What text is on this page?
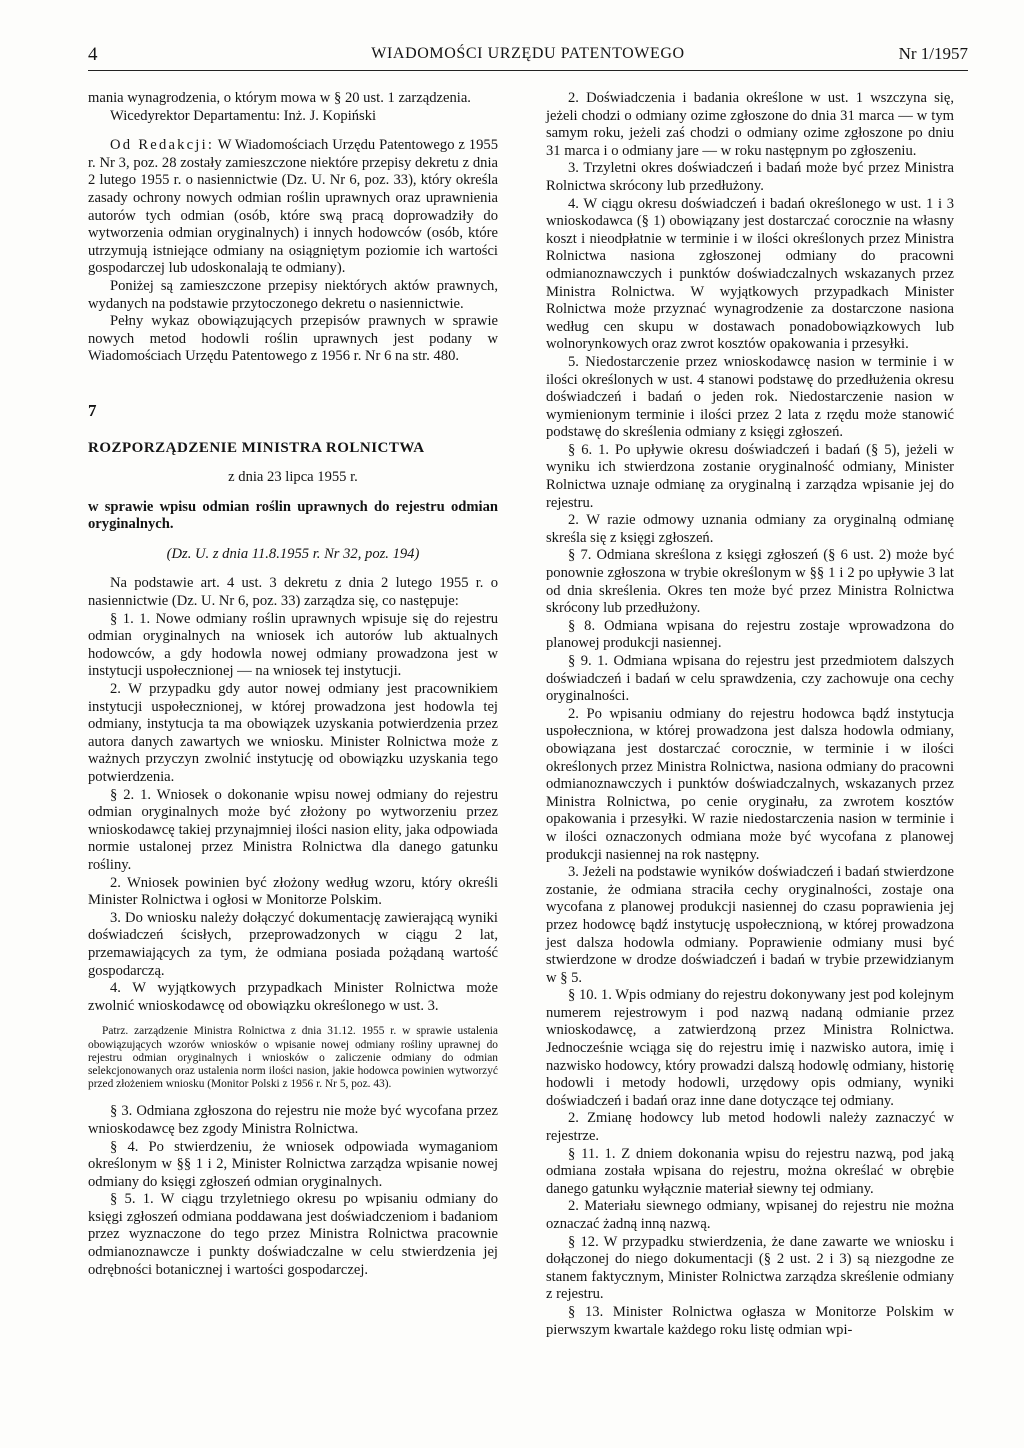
4	WIADOMOŚCI URZĘDU PATENTOWEGO	Nr 1/1957

mania wynagrodzenia, o którym mowa w § 20 ust. 1 zarządzenia.

Wicedyrektor Departamentu: Inż. J. Kopiński

Od Redakcji: W Wiadomościach Urzędu Patentowego z 1955 r. Nr 3, poz. 28 zostały zamieszczone niektóre przepisy dekretu z dnia 2 lutego 1955 r. o nasiennictwie (Dz. U. Nr 6, poz. 33), który określa zasady ochrony nowych odmian roślin uprawnych oraz uprawnienia autorów tych odmian (osób, które swą pracą doprowadziły do wytworzenia odmian oryginalnych) i innych hodowców (osób, które utrzymują istniejące odmiany na osiągniętym poziomie ich wartości gospodarczej lub udoskonalają te odmiany).

Poniżej są zamieszczone przepisy niektórych aktów prawnych, wydanych na podstawie przytoczonego dekretu o nasiennictwie.

Pełny wykaz obowiązujących przepisów prawnych w sprawie nowych metod hodowli roślin uprawnych jest podany w Wiadomościach Urzędu Patentowego z 1956 r. Nr 6 na str. 480.

7

ROZPORZĄDZENIE MINISTRA ROLNICTWA

z dnia 23 lipca 1955 r.

w sprawie wpisu odmian roślin uprawnych do rejestru odmian oryginalnych.

(Dz. U. z dnia 11.8.1955 r. Nr 32, poz. 194)

Na podstawie art. 4 ust. 3 dekretu z dnia 2 lutego 1955 r. o nasiennictwie (Dz. U. Nr 6, poz. 33) zarządza się, co następuje:

§ 1. 1. Nowe odmiany roślin uprawnych wpisuje się do rejestru odmian oryginalnych na wniosek ich autorów lub aktualnych hodowców, a gdy hodowla nowej odmiany prowadzona jest w instytucji uspołecznionej — na wniosek tej instytucji.

2. W przypadku gdy autor nowej odmiany jest pracownikiem instytucji uspołecznionej, w której prowadzona jest hodowla tej odmiany, instytucja ta ma obowiązek uzyskania potwierdzenia przez autora danych zawartych we wniosku. Minister Rolnictwa może z ważnych przyczyn zwolnić instytucję od obowiązku uzyskania tego potwierdzenia.

§ 2. 1. Wniosek o dokonanie wpisu nowej odmiany do rejestru odmian oryginalnych może być złożony po wytworzeniu przez wnioskodawcę takiej przynajmniej ilości nasion elity, jaka odpowiada normie ustalonej przez Ministra Rolnictwa dla danego gatunku rośliny.

2. Wniosek powinien być złożony według wzoru, który określi Minister Rolnictwa i ogłosi w Monitorze Polskim.

3. Do wniosku należy dołączyć dokumentację zawierającą wyniki doświadczeń ścisłych, przeprowadzonych w ciągu 2 lat, przemawiających za tym, że odmiana posiada pożądaną wartość gospodarczą.

4. W wyjątkowych przypadkach Minister Rolnictwa może zwolnić wnioskodawcę od obowiązku określonego w ust. 3.

Patrz. zarządzenie Ministra Rolnictwa z dnia 31.12. 1955 r. w sprawie ustalenia obowiązujących wzorów wniosków o wpisanie nowej odmiany rośliny uprawnej do rejestru odmian oryginalnych i wniosków o zaliczenie odmiany do odmian selekcjonowanych oraz ustalenia norm ilości nasion, jakie hodowca powinien wytworzyć przed złożeniem wniosku (Monitor Polski z 1956 r. Nr 5, poz. 43).

§ 3. Odmiana zgłoszona do rejestru nie może być wycofana przez wnioskodawcę bez zgody Ministra Rolnictwa.

§ 4. Po stwierdzeniu, że wniosek odpowiada wymaganiom określonym w §§ 1 i 2, Minister Rolnictwa zarządza wpisanie nowej odmiany do księgi zgłoszeń odmian oryginalnych.

§ 5. 1. W ciągu trzyletniego okresu po wpisaniu odmiany do księgi zgłoszeń odmiana poddawana jest doświadczeniom i badaniom przez wyznaczone do tego przez Ministra Rolnictwa pracownie odmianoznawcze i punkty doświadczalne w celu stwierdzenia jej odrębności botanicznej i wartości gospodarczej.

2. Doświadczenia i badania określone w ust. 1 wszczyna się, jeżeli chodzi o odmiany ozime zgłoszone do dnia 31 marca — w tym samym roku, jeżeli zaś chodzi o odmiany ozime zgłoszone po dniu 31 marca i o odmiany jare — w roku następnym po zgłoszeniu.

3. Trzyletni okres doświadczeń i badań może być przez Ministra Rolnictwa skrócony lub przedłużony.

4. W ciągu okresu doświadczeń i badań określonego w ust. 1 i 3 wnioskodawca (§ 1) obowiązany jest dostarczać corocznie na własny koszt i nieodpłatnie w terminie i w ilości określonych przez Ministra Rolnictwa nasiona zgłoszonej odmiany do pracowni odmianoznawczych i punktów doświadczalnych wskazanych przez Ministra Rolnictwa. W wyjątkowych przypadkach Minister Rolnictwa może przyznać wynagrodzenie za dostarczone nasiona według cen skupu w dostawach ponadobowiązkowych lub wolnorynkowych oraz zwrot kosztów opakowania i przesyłki.

5. Niedostarczenie przez wnioskodawcę nasion w terminie i w ilości określonych w ust. 4 stanowi podstawę do przedłużenia okresu doświadczeń i badań o jeden rok. Niedostarczenie nasion w wymienionym terminie i ilości przez 2 lata z rzędu może stanowić podstawę do skreślenia odmiany z księgi zgłoszeń.

§ 6. 1. Po upływie okresu doświadczeń i badań (§ 5), jeżeli w wyniku ich stwierdzona zostanie oryginalność odmiany, Minister Rolnictwa uznaje odmianę za oryginalną i zarządza wpisanie jej do rejestru.

2. W razie odmowy uznania odmiany za oryginalną odmianę skreśla się z księgi zgłoszeń.

§ 7. Odmiana skreślona z księgi zgłoszeń (§ 6 ust. 2) może być ponownie zgłoszona w trybie określonym w §§ 1 i 2 po upływie 3 lat od dnia skreślenia. Okres ten może być przez Ministra Rolnictwa skrócony lub przedłużony.

§ 8. Odmiana wpisana do rejestru zostaje wprowadzona do planowej produkcji nasiennej.

§ 9. 1. Odmiana wpisana do rejestru jest przedmiotem dalszych doświadczeń i badań w celu sprawdzenia, czy zachowuje ona cechy oryginalności.

2. Po wpisaniu odmiany do rejestru hodowca bądź instytucja uspołeczniona, w której prowadzona jest dalsza hodowla odmiany, obowiązana jest dostarczać corocznie, w terminie i w ilości określonych przez Ministra Rolnictwa, nasiona odmiany do pracowni odmianoznawczych i punktów doświadczalnych, wskazanych przez Ministra Rolnictwa, po cenie oryginału, za zwrotem kosztów opakowania i przesyłki. W razie niedostarczenia nasion w terminie i w ilości oznaczonych odmiana może być wycofana z planowej produkcji nasiennej na rok następny.

3. Jeżeli na podstawie wyników doświadczeń i badań stwierdzone zostanie, że odmiana straciła cechy oryginalności, zostaje ona wycofana z planowej produkcji nasiennej do czasu poprawienia jej przez hodowcę bądź instytucję uspołecznioną, w której prowadzona jest dalsza hodowla odmiany. Poprawienie odmiany musi być stwierdzone w drodze doświadczeń i badań w trybie przewidzianym w § 5.

§ 10. 1. Wpis odmiany do rejestru dokonywany jest pod kolejnym numerem rejestrowym i pod nazwą nadaną odmianie przez wnioskodawcę, a zatwierdzoną przez Ministra Rolnictwa. Jednocześnie wciąga się do rejestru imię i nazwisko autora, imię i nazwisko hodowcy, który prowadzi dalszą hodowlę odmiany, historię hodowli i metody hodowli, urzędowy opis odmiany, wyniki doświadczeń i badań oraz inne dane dotyczące tej odmiany.

2. Zmianę hodowcy lub metod hodowli należy zaznaczyć w rejestrze.

§ 11. 1. Z dniem dokonania wpisu do rejestru nazwą, pod jaką odmiana została wpisana do rejestru, można określać w obrębie danego gatunku wyłącznie materiał siewny tej odmiany.

2. Materiału siewnego odmiany, wpisanej do rejestru nie można oznaczać żadną inną nazwą.

§ 12. W przypadku stwierdzenia, że dane zawarte we wniosku i dołączonej do niego dokumentacji (§ 2 ust. 2 i 3) są niezgodne ze stanem faktycznym, Minister Rolnictwa zarządza skreślenie odmiany z rejestru.

§ 13. Minister Rolnictwa ogłasza w Monitorze Polskim w pierwszym kwartale każdego roku listę odmian wpi-
